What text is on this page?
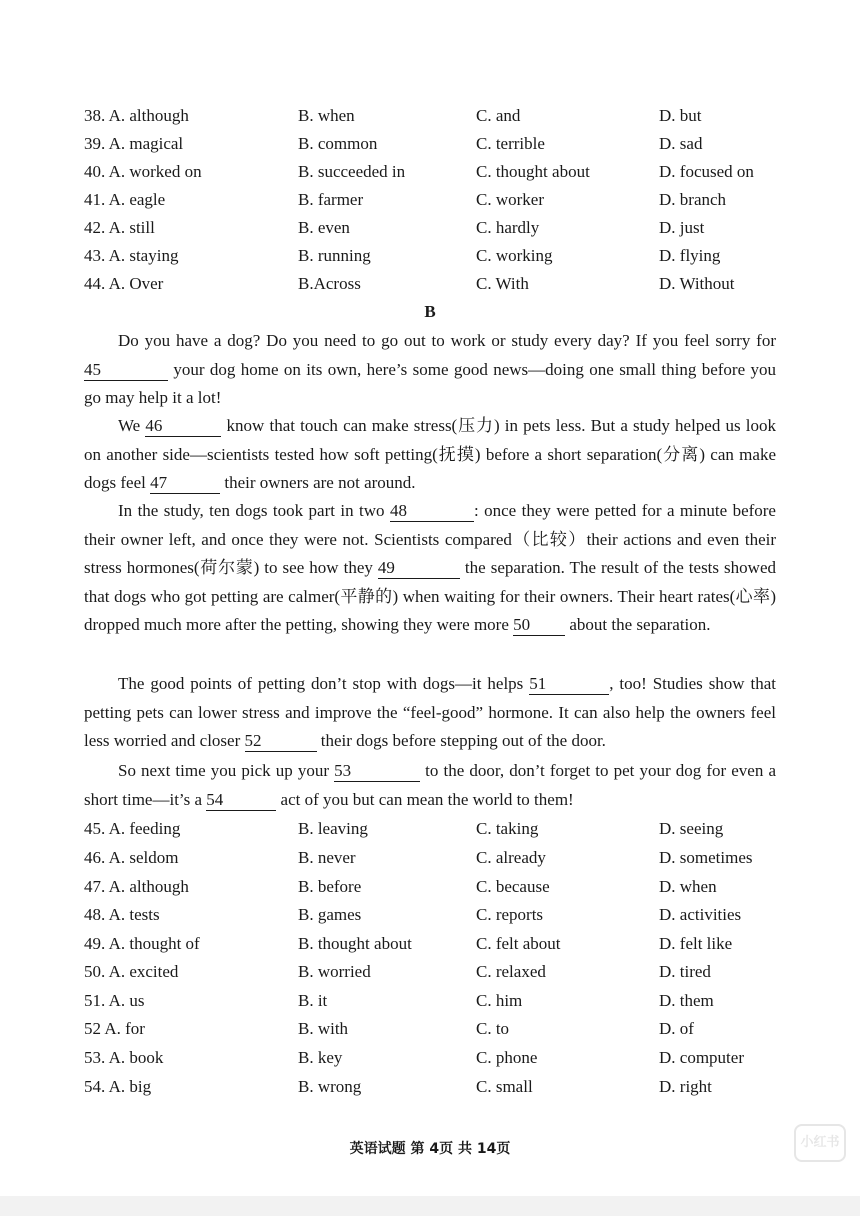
38. A. although	B. when	C. and	D. but
39. A. magical	B. common	C. terrible	D. sad
40. A. worked on	B. succeeded in	C. thought about	D. focused on
41. A. eagle	B. farmer	C. worker	D. branch
42. A. still	B. even	C. hardly	D. just
43. A. staying	B. running	C. working	D. flying
44. A. Over	B.Across	C. With	D. Without
B
Do you have a dog? Do you need to go out to work or study every day? If you feel sorry for 45	your dog home on its own, here’s some good news—doing one small thing before you go may help it a lot!
We 46	know that touch can make stress(压力) in pets less. But a study helped us look on another side—scientists tested how soft petting(抚摸) before a short separation(分离) can make dogs feel 47	their owners are not around.
In the study, ten dogs took part in two 48	: once they were petted for a minute before their owner left, and once they were not. Scientists compared（比较）their actions and even their stress hormones(荷尔蒙) to see how they 49	the separation. The result of the tests showed that dogs who got petting are calmer(平静的) when waiting for their owners. Their heart rates(心率) dropped much more after the petting, showing they were more 50 about the separation.
The good points of petting don’t stop with dogs—it helps 51	, too! Studies show that petting pets can lower stress and improve the “feel-good” hormone. It can also help the owners feel less worried and closer 52	their dogs before stepping out of the door.
So next time you pick up your 53	to the door, don’t forget to pet your dog for even a short time—it’s a 54	act of you but can mean the world to them!
45. A. feeding	B. leaving	C. taking	D. seeing
46. A. seldom	B. never	C. already	D. sometimes
47. A. although	B. before	C. because	D. when
48. A. tests	B. games	C. reports	D. activities
49. A. thought of	B. thought about	C. felt about	D. felt like
50. A. excited	B. worried	C. relaxed	D. tired
51. A. us	B. it	C. him	D. them
52 A. for	B. with	C. to	D. of
53. A. book	B. key	C. phone	D. computer
54. A. big	B. wrong	C. small	D. right
英语试题 第 4页 共 14页	小红书
